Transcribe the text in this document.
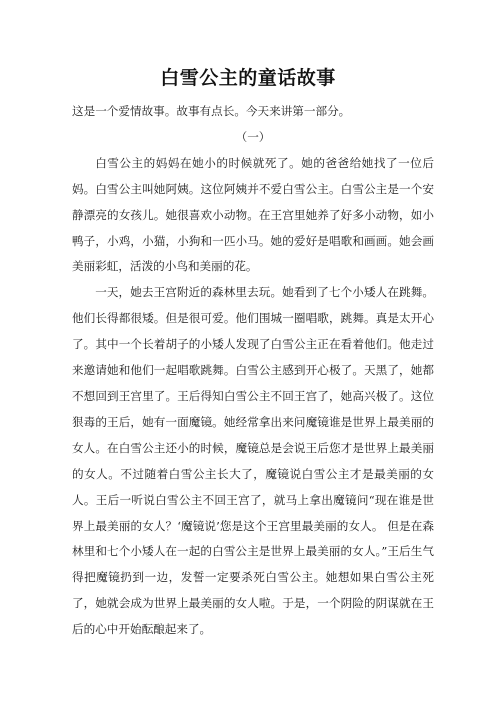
白雪公主的童话故事

这是一个爱情故事。故事有点长。今天来讲第一部分。

（一）

白雪公主的妈妈在她小的时候就死了。她的爸爸给她找了一位后妈。白雪公主叫她阿姨。这位阿姨并不爱白雪公主。白雪公主是一个安静漂亮的女孩儿。她很喜欢小动物。在王宫里她养了好多小动物，如小鸭子，小鸡，小猫，小狗和一匹小马。她的爱好是唱歌和画画。她会画美丽彩虹，活泼的小鸟和美丽的花。

一天，她去王宫附近的森林里去玩。她看到了七个小矮人在跳舞。他们长得都很矮。但是很可爱。他们围城一圈唱歌，跳舞。真是太开心了。其中一个长着胡子的小矮人发现了白雪公主正在看着他们。他走过来邀请她和他们一起唱歌跳舞。白雪公主感到开心极了。天黑了，她都不想回到王宫里了。王后得知白雪公主不回王宫了，她高兴极了。这位狠毒的王后，她有一面魔镜。她经常拿出来问魔镜谁是世界上最美丽的女人。在白雪公主还小的时候，魔镜总是会说王后您才是世界上最美丽的女人。不过随着白雪公主长大了，魔镜说白雪公主才是最美丽的女人。王后一听说白雪公主不回王宫了，就马上拿出魔镜问“现在谁是世界上最美丽的女人？‘魔镜说’您是这个王宫里最美丽的女人。 但是在森林里和七个小矮人在一起的白雪公主是世界上最美丽的女人。”王后生气得把魔镜扔到一边，发誓一定要杀死白雪公主。她想如果白雪公主死了，她就会成为世界上最美丽的女人啦。于是，一个阴险的阴谋就在王后的心中开始酝酿起来了。
